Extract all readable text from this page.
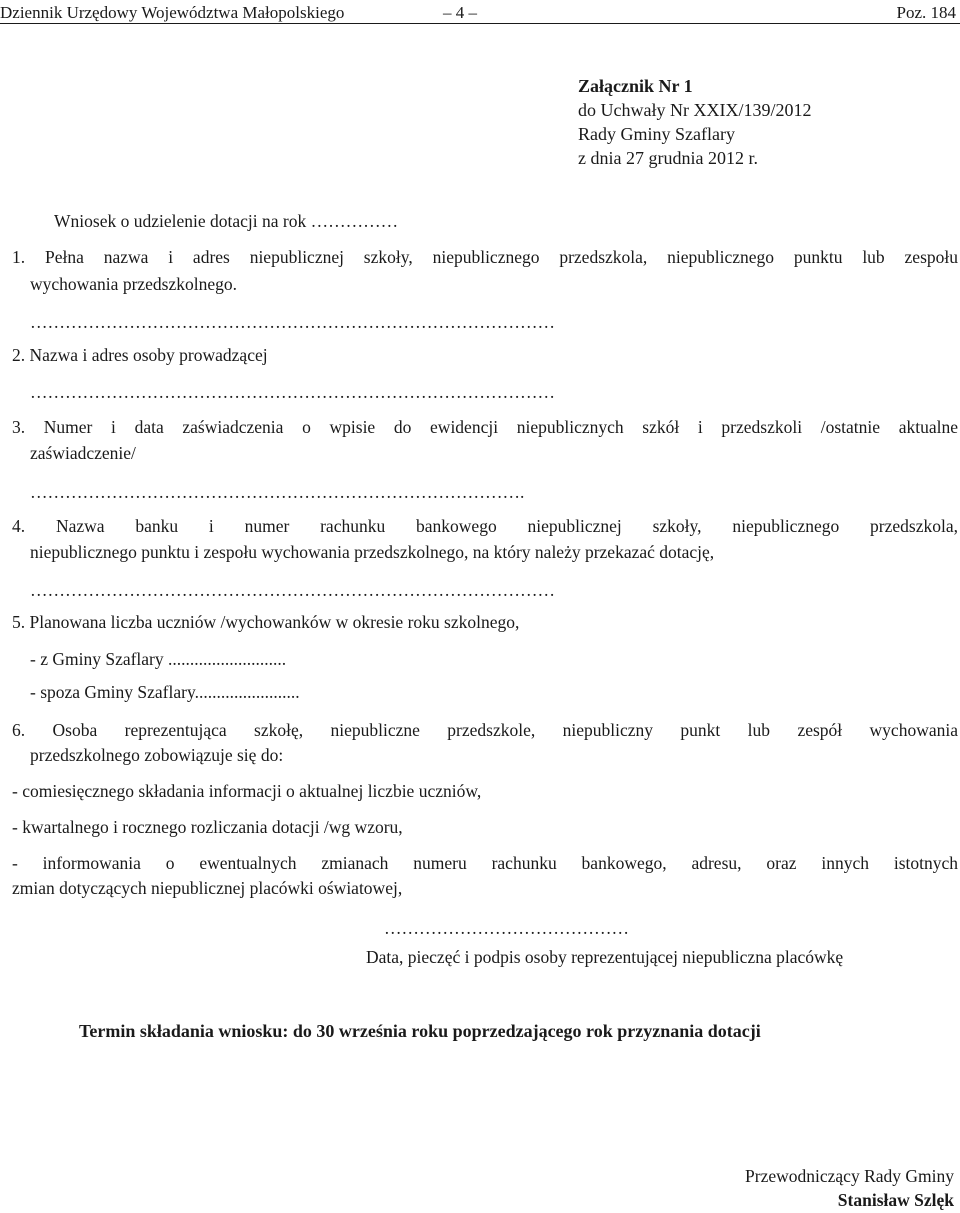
Dziennik Urzędowy Województwa Małopolskiego	– 4 –	Poz. 184
Załącznik Nr 1
do Uchwały Nr XXIX/139/2012
Rady Gminy Szaflary
z dnia 27 grudnia 2012 r.
Wniosek o udzielenie dotacji na rok ……………
1. Pełna nazwa i adres niepublicznej szkoły, niepublicznego przedszkola, niepublicznego punktu lub zespołu
wychowania przedszkolnego.
………………………………………………………………………………
2. Nazwa i adres osoby prowadzącej
………………………………………………………………………………
3. Numer i data zaświadczenia o wpisie do ewidencji niepublicznych szkół i przedszkoli /ostatnie aktualne
zaświadczenie/
………………………………………………………………………….
4. Nazwa banku i numer rachunku bankowego niepublicznej szkoły, niepublicznego przedszkola,
niepublicznego punktu i zespołu wychowania przedszkolnego, na który należy przekazać dotację,
………………………………………………………………………………
5. Planowana liczba uczniów /wychowanków w okresie roku szkolnego,
- z Gminy Szaflary ...........................
- spoza Gminy Szaflary........................
6. Osoba reprezentująca szkołę, niepubliczne przedszkole, niepubliczny punkt lub zespół wychowania
przedszkolnego zobowiązuje się do:
- comiesięcznego składania informacji o aktualnej liczbie uczniów,
- kwartalnego i rocznego rozliczania dotacji /wg wzoru,
- informowania o ewentualnych zmianach numeru rachunku bankowego, adresu, oraz innych istotnych
zmian dotyczących niepublicznej placówki oświatowej,
……………………………………
Data, pieczęć i podpis osoby reprezentującej niepubliczna placówkę
Termin składania wniosku: do 30 września roku poprzedzającego rok przyznania dotacji
Przewodniczący Rady Gminy
Stanisław Szlęk
